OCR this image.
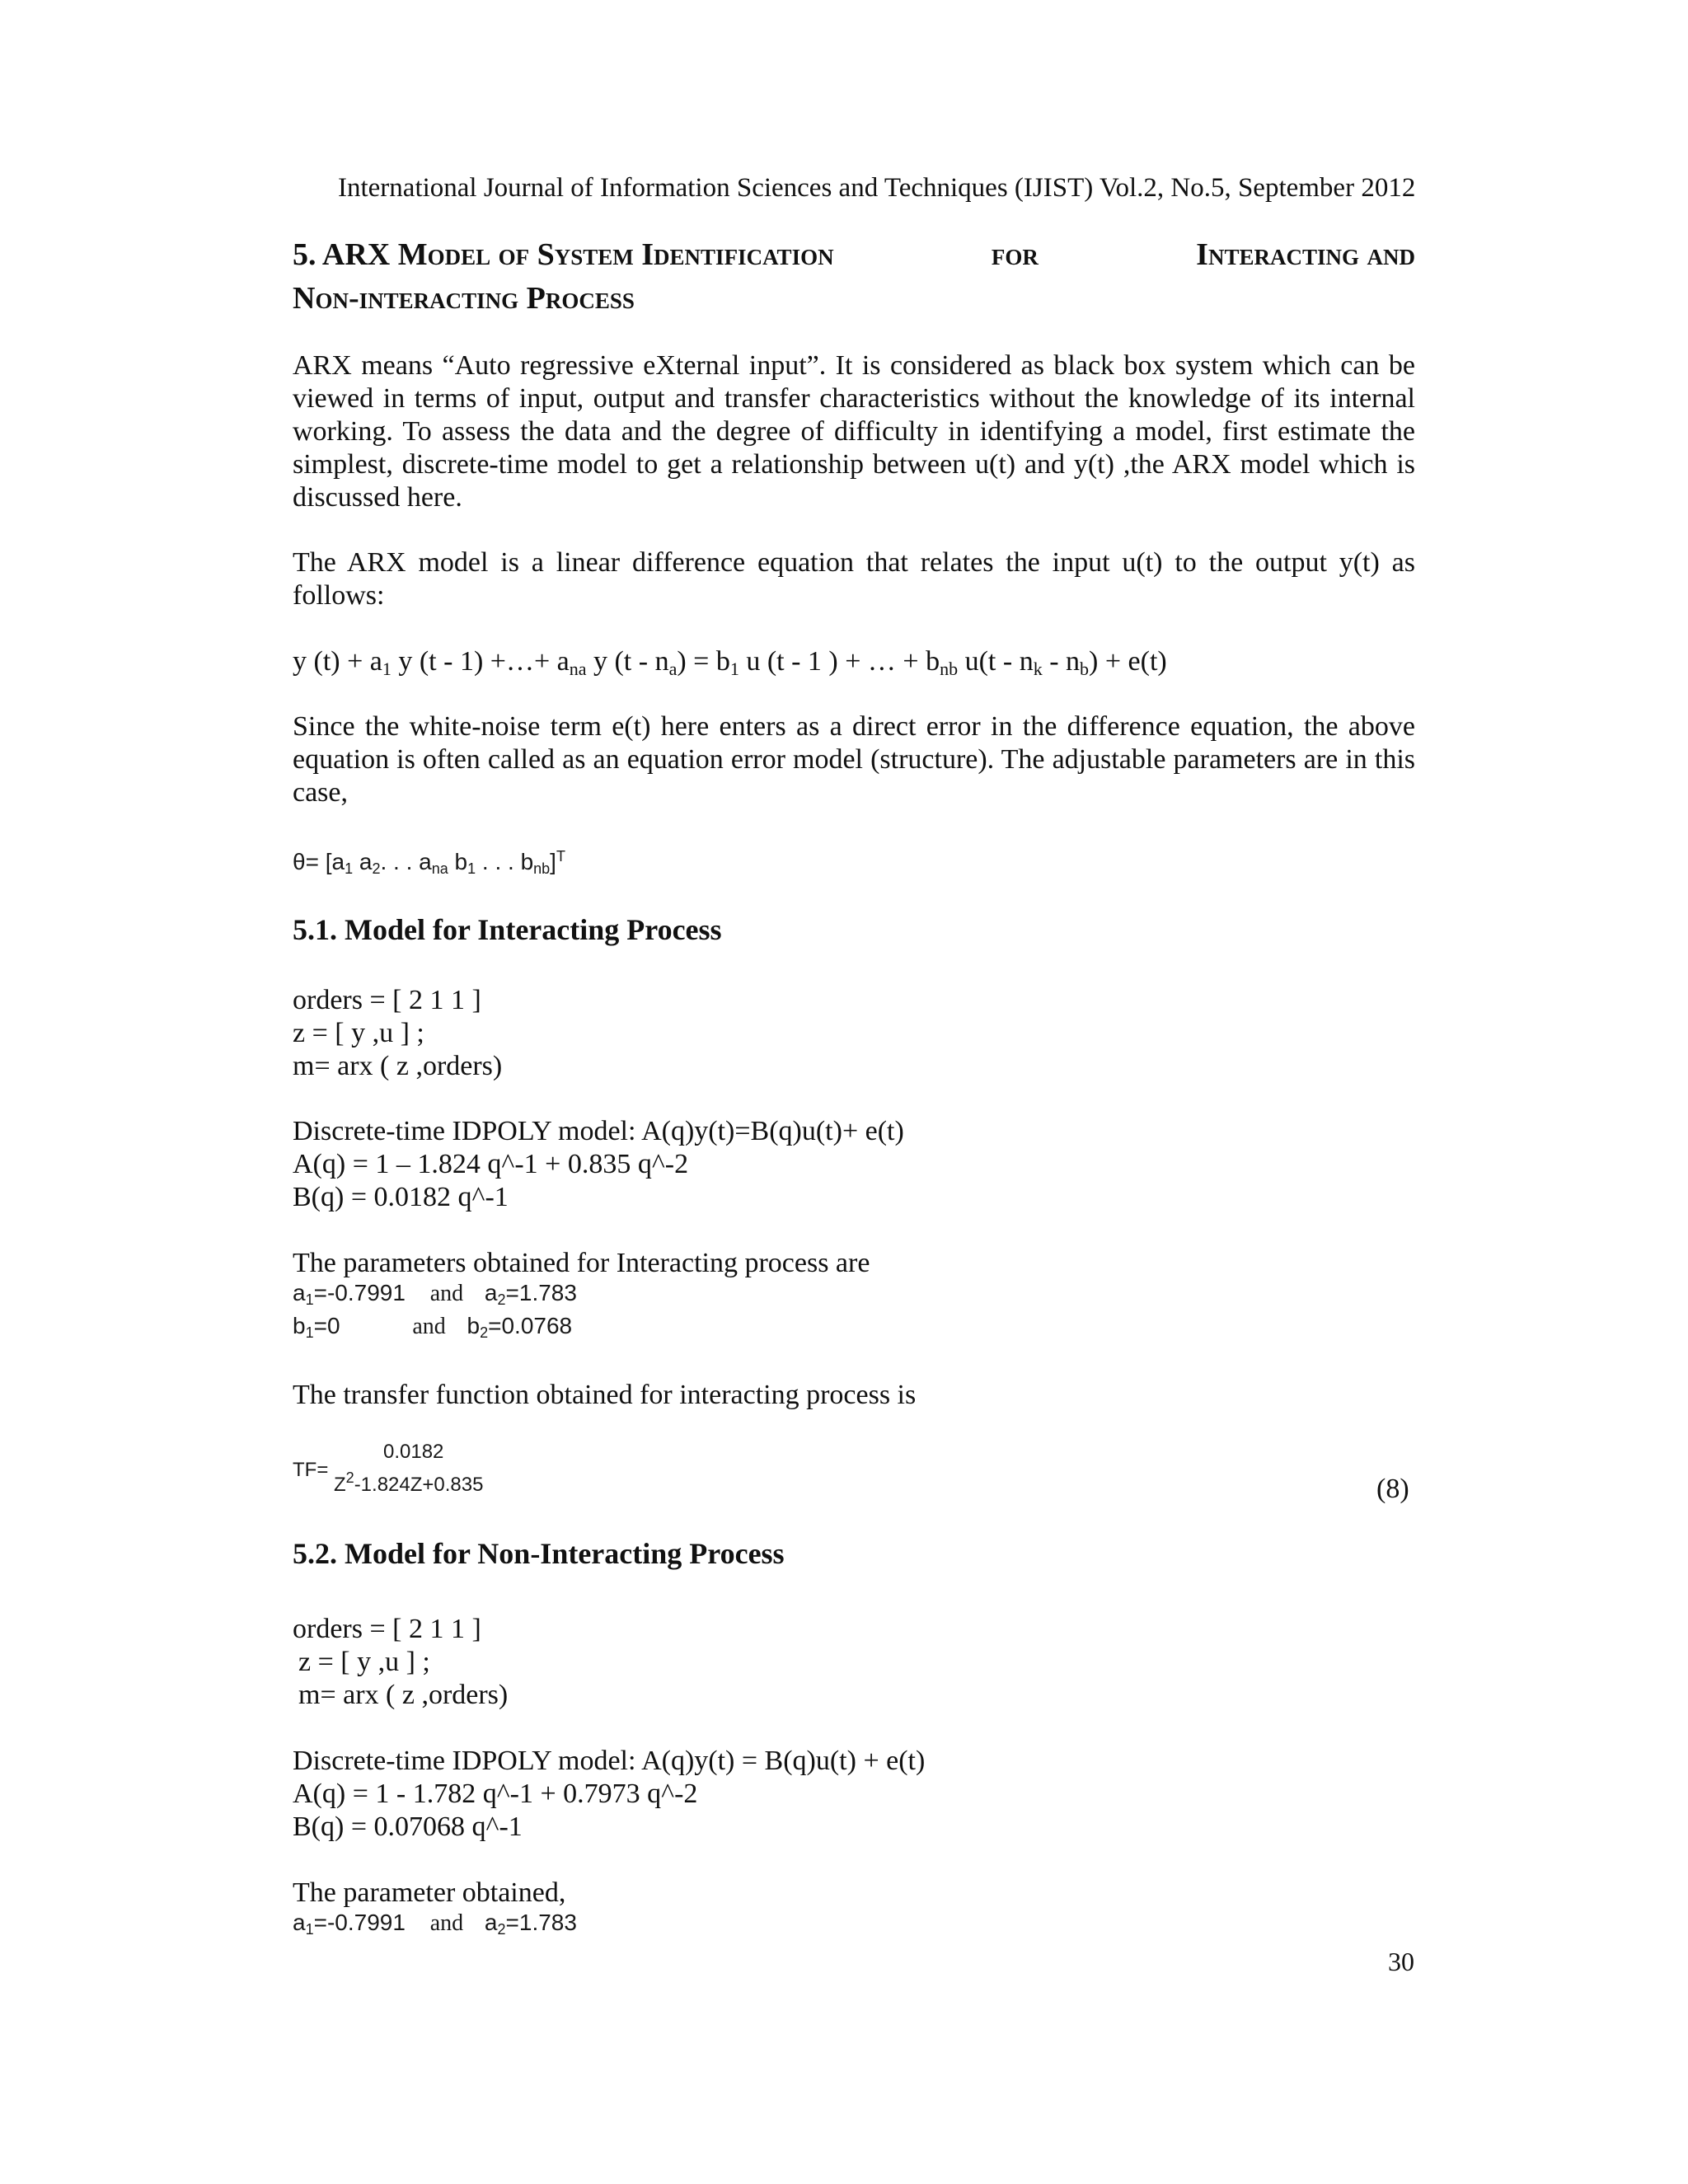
International Journal of Information Sciences and Techniques (IJIST) Vol.2, No.5, September 2012
5. ARX Model of System Identification	for	Interacting and
Non-interacting Process
ARX means “Auto regressive eXternal input”. It is considered as black box system which can be viewed in terms of input, output and transfer characteristics without the knowledge of its internal working. To assess the data and the degree of difficulty in identifying a model, first estimate the simplest, discrete-time model to get a relationship between u(t) and y(t) ,the ARX model which is discussed here.
The ARX model is a linear difference equation that relates the input u(t) to the output y(t) as follows:
y $(t) + a_1$ y (t - 1) +…+ $a_{na}$ y $(t - n_a) = b_1$ u (t - 1 ) + … + $b_{nb}$ $u(t - n_k - n_b) + e(t)$
Since the white-noise term e(t) here enters as a direct error in the difference equation, the above equation is often called as an equation error model (structure). The adjustable parameters are in this case,
$\theta= [a_1$ $a_2$. . . $a_{na}$ $b_1$ . . . $b_{nb}]^T$
5.1. Model for Interacting Process
orders = [ 2 1 1 ]
z = [ y ,u ] ;
m= arx ( z ,orders)
Discrete-time IDPOLY model: A(q)y(t)=B(q)u(t)+ e(t)
A(q) = 1 – 1.824 q^-1 + 0.835 q^-2
B(q) = 0.0182 q^-1
The parameters obtained for Interacting process are
$a_1=-0.7991$ and $a_2=1.783$
$b_1=0$	and $b_2=0.0768$
The transfer function obtained for interacting process is
0.0182
TF=
$Z^2-1.824Z+0.835$	(8)
5.2. Model for Non-Interacting Process
orders = [ 2 1 1 ]
z = [ y ,u ] ;
m= arx ( z ,orders)
Discrete-time IDPOLY model: A(q)y(t) = B(q)u(t) + e(t)
A(q) = 1 - 1.782 q^-1 + 0.7973 q^-2
B(q) = 0.07068 q^-1
The parameter obtained,
$a_1=-0.7991$ and $a_2=1.783$
30
